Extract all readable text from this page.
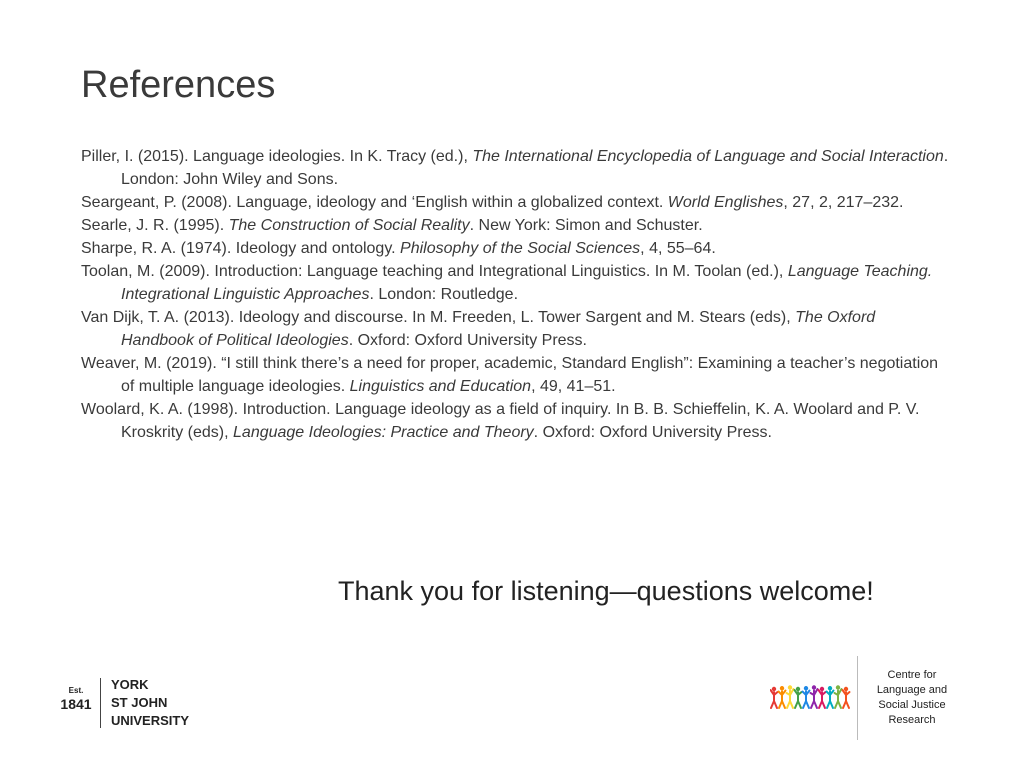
References
Piller, I. (2015). Language ideologies. In K. Tracy (ed.), The International Encyclopedia of Language and Social Interaction. London: John Wiley and Sons.
Seargeant, P. (2008). Language, ideology and ‘English within a globalized context. World Englishes, 27, 2, 217–232.
Searle, J. R. (1995). The Construction of Social Reality. New York: Simon and Schuster.
Sharpe, R. A. (1974). Ideology and ontology. Philosophy of the Social Sciences, 4, 55–64.
Toolan, M. (2009). Introduction: Language teaching and Integrational Linguistics. In M. Toolan (ed.), Language Teaching. Integrational Linguistic Approaches. London: Routledge.
Van Dijk, T. A. (2013). Ideology and discourse. In M. Freeden, L. Tower Sargent and M. Stears (eds), The Oxford Handbook of Political Ideologies. Oxford: Oxford University Press.
Weaver, M. (2019). “I still think there’s a need for proper, academic, Standard English”: Examining a teacher’s negotiation of multiple language ideologies. Linguistics and Education, 49, 41–51.
Woolard, K. A. (1998). Introduction. Language ideology as a field of inquiry. In B. B. Schieffelin, K. A. Woolard and P. V. Kroskrity (eds), Language Ideologies: Practice and Theory. Oxford: Oxford University Press.

Thank you for listening—questions welcome!

Est.
1841
YORK
ST JOHN
UNIVERSITY
Centre for
Language and
Social Justice
Research
